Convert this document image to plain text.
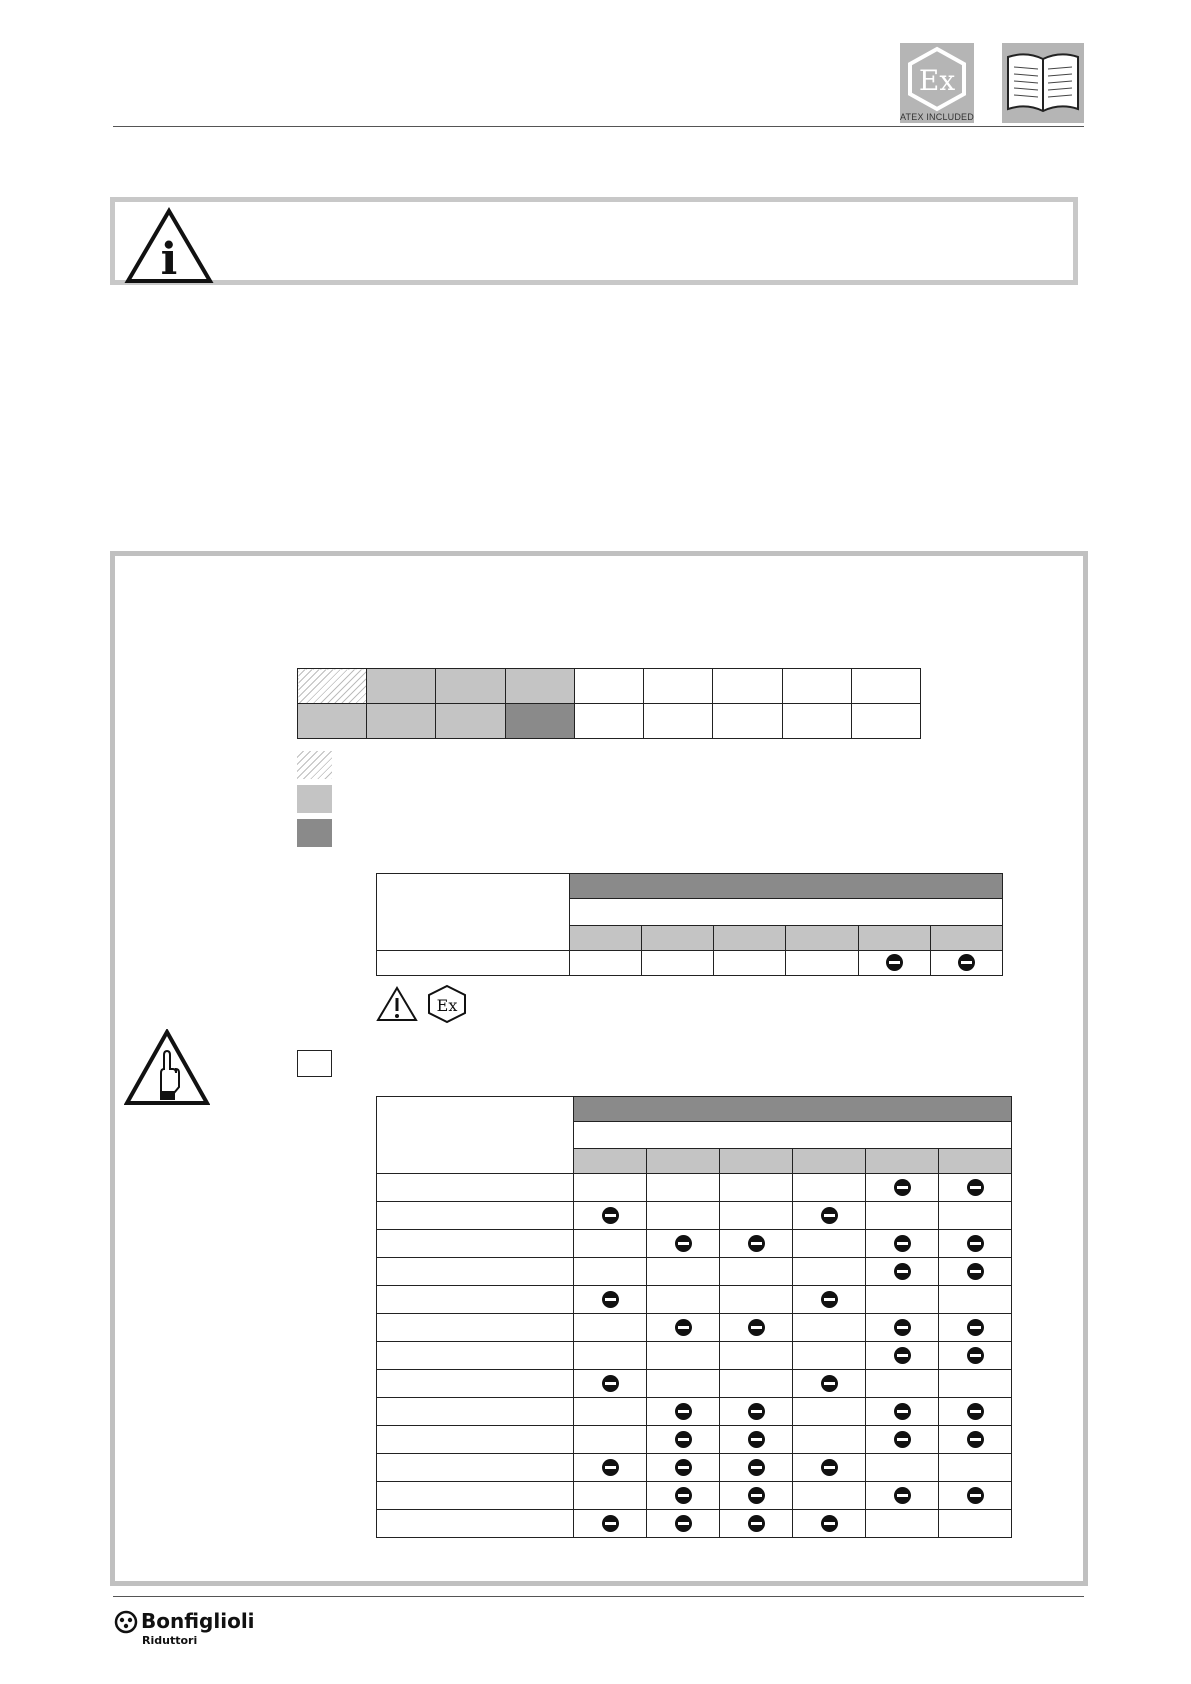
Ex
ATEX INCLUDED
i

Ex

Bonfiglioli
Riduttori
